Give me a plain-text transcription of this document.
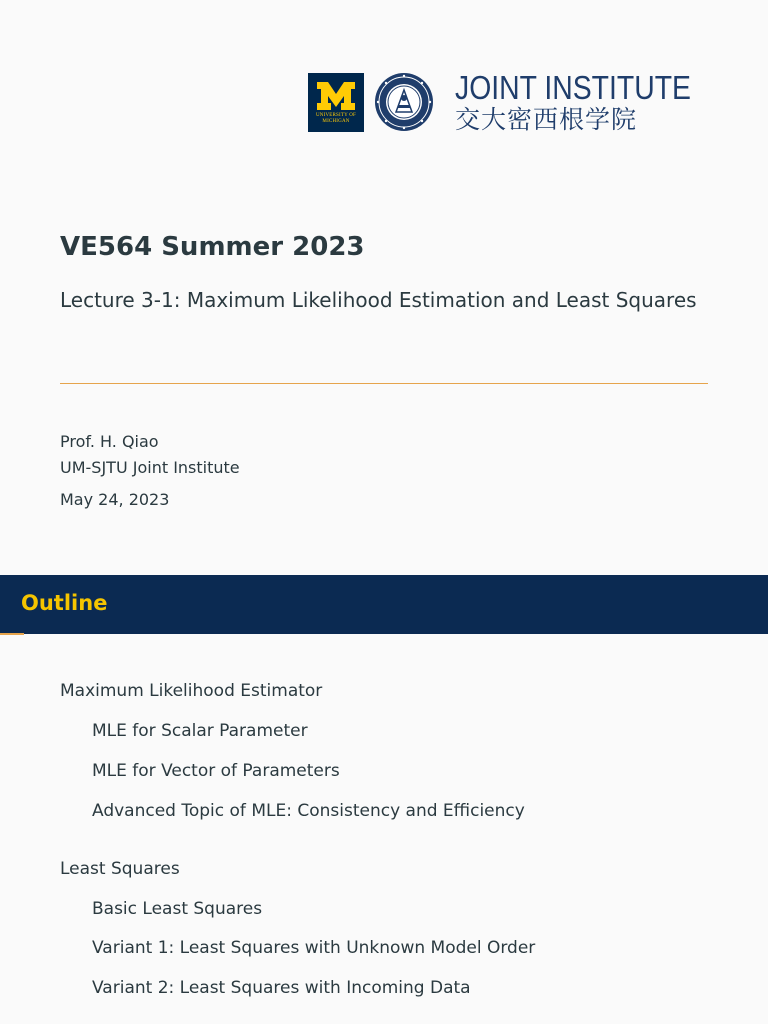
UNIVERSITY OF
MICHIGAN
JOINT INSTITUTE
交大密西根学院
VE564 Summer 2023
Lecture 3-1: Maximum Likelihood Estimation and Least Squares
Prof. H. Qiao
UM-SJTU Joint Institute
May 24, 2023
Outline
Maximum Likelihood Estimator
MLE for Scalar Parameter
MLE for Vector of Parameters
Advanced Topic of MLE: Consistency and Efficiency
Least Squares
Basic Least Squares
Variant 1: Least Squares with Unknown Model Order
Variant 2: Least Squares with Incoming Data
